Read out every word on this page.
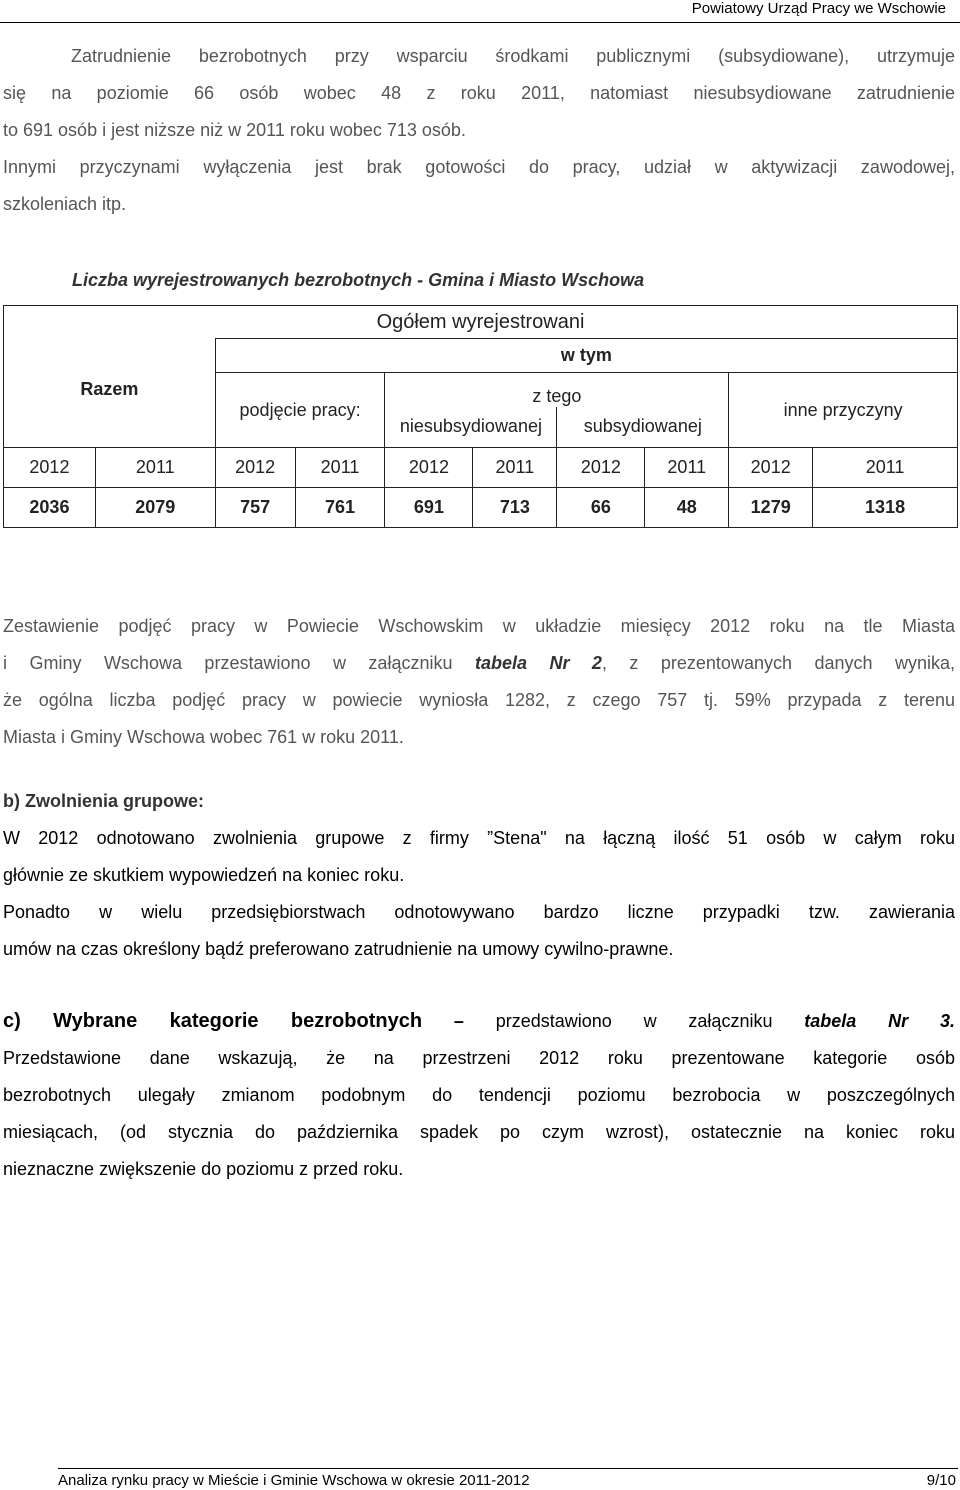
Powiatowy Urząd Pracy we Wschowie
Zatrudnienie bezrobotnych przy wsparciu środkami publicznymi (subsydiowane), utrzymuje
się na poziomie 66 osób wobec 48 z roku 2011, natomiast niesubsydiowane zatrudnienie
to 691 osób i jest niższe niż w 2011 roku wobec 713 osób.
Innymi przyczynami wyłączenia jest brak gotowości do pracy, udział w aktywizacji zawodowej,
szkoleniach itp.
Liczba wyrejestrowanych bezrobotnych - Gmina i Miasto Wschowa
Ogółem wyrejestrowani									
		w tym							
Razem		podjęcie pracy:		z tego				inne przyczyny	
				niesubsydiowanej		subsydiowanej			
2012	2011	2012	2011	2012	2011	2012	2011	2012	2011
2036	2079	757	761	691	713	66	48	1279	1318
Zestawienie podjęć pracy w Powiecie Wschowskim w układzie miesięcy 2012 roku na tle Miasta
i Gminy Wschowa przestawiono w załączniku tabela Nr 2, z prezentowanych danych wynika,
że ogólna liczba podjęć pracy w powiecie wyniosła 1282, z czego 757 tj. 59% przypada z terenu
Miasta i Gminy Wschowa wobec 761 w roku 2011.
b) Zwolnienia grupowe:
W 2012 odnotowano zwolnienia grupowe z firmy ”Stena" na łączną ilość 51 osób w całym roku
głównie ze skutkiem wypowiedzeń na koniec roku.
Ponadto w wielu przedsiębiorstwach odnotowywano bardzo liczne przypadki tzw. zawierania
umów na czas określony bądź preferowano zatrudnienie na umowy cywilno-prawne.
c) Wybrane kategorie bezrobotnych – przedstawiono w załączniku tabela Nr 3.
Przedstawione dane wskazują, że na przestrzeni 2012 roku prezentowane kategorie osób
bezrobotnych ulegały zmianom podobnym do tendencji poziomu bezrobocia w poszczególnych
miesiącach, (od stycznia do października spadek po czym wzrost), ostatecznie na koniec roku
nieznaczne zwiększenie do poziomu z przed roku.
Analiza rynku pracy w Mieście i Gminie Wschowa w okresie 2011-2012	9/10
